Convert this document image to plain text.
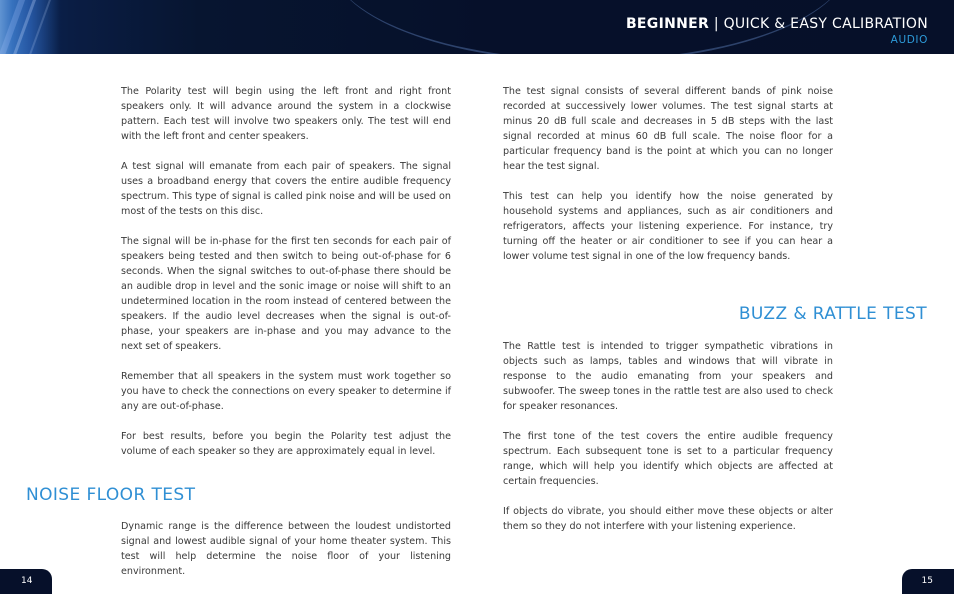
BEGINNER | QUICK & EASY CALIBRATION
AUDIO

The Polarity test will begin using the left front and right front speakers only. It will advance around the system in a clockwise pattern. Each test will involve two speakers only. The test will end with the left front and center speakers.

A test signal will emanate from each pair of speakers. The signal uses a broadband energy that covers the entire audible frequency spectrum. This type of signal is called pink noise and will be used on most of the tests on this disc.

The signal will be in-phase for the first ten seconds for each pair of speakers being tested and then switch to being out-of-phase for 6 seconds. When the signal switches to out-of-phase there should be an audible drop in level and the sonic image or noise will shift to an undetermined location in the room instead of centered between the speakers. If the audio level decreases when the signal is out-of-phase, your speakers are in-phase and you may advance to the next set of speakers.

Remember that all speakers in the system must work together so you have to check the connections on every speaker to determine if any are out-of-phase.

For best results, before you begin the Polarity test adjust the volume of each speaker so they are approximately equal in level.

NOISE FLOOR TEST

Dynamic range is the difference between the loudest undistorted signal and lowest audible signal of your home theater system. This test will help determine the noise floor of your listening environment.

The test signal consists of several different bands of pink noise recorded at successively lower volumes. The test signal starts at minus 20 dB full scale and decreases in 5 dB steps with the last signal recorded at minus 60 dB full scale. The noise floor for a particular frequency band is the point at which you can no longer hear the test signal.

This test can help you identify how the noise generated by household systems and appliances, such as air conditioners and refrigerators, affects your listening experience. For instance, try turning off the heater or air conditioner to see if you can hear a lower volume test signal in one of the low frequency bands.

BUZZ & RATTLE TEST

The Rattle test is intended to trigger sympathetic vibrations in objects such as lamps, tables and windows that will vibrate in response to the audio emanating from your speakers and subwoofer. The sweep tones in the rattle test are also used to check for speaker resonances.

The first tone of the test covers the entire audible frequency spectrum. Each subsequent tone is set to a particular frequency range, which will help you identify which objects are affected at certain frequencies.

If objects do vibrate, you should either move these objects or alter them so they do not interfere with your listening experience.

14	15
